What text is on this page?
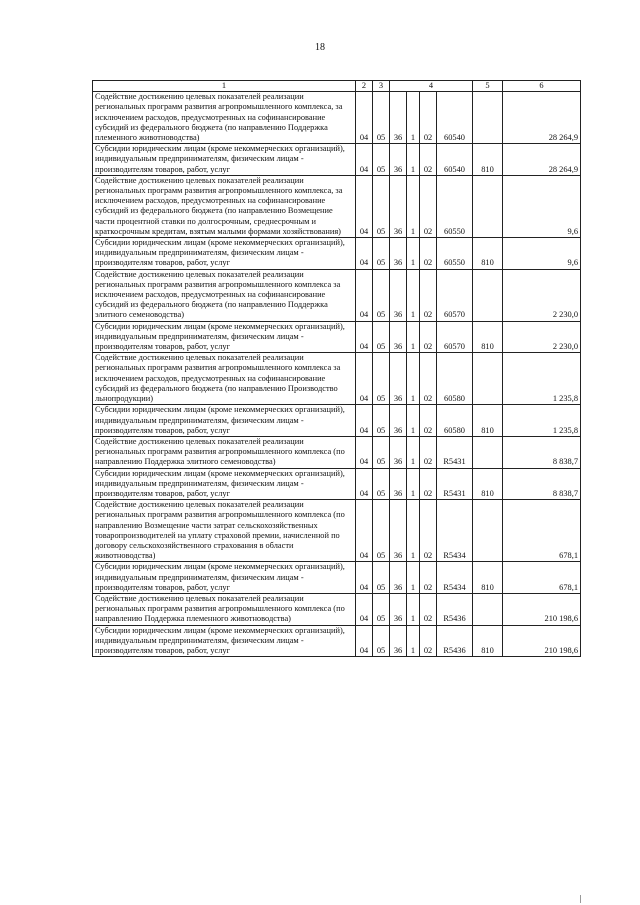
18
1	2	3	4				5	6
Содействие достижению целевых показателей реализации региональных программ развития агропромышленного комплекса, за исключением расходов, предусмотренных на софинансирование субсидий из федерального бюджета (по направлению Поддержка племенного животноводства)	04	05	36	1	02	60540		28 264,9
Субсидии юридическим лицам (кроме некоммерческих организаций), индивидуальным предпринимателям, физическим лицам - производителям товаров, работ, услуг	04	05	36	1	02	60540	810	28 264,9
Содействие достижению целевых показателей реализации региональных программ развития агропромышленного комплекса, за исключением расходов, предусмотренных на софинансирование субсидий из федерального бюджета (по направлению Возмещение части процентной ставки по долгосрочным, среднесрочным и краткосрочным кредитам, взятым малыми формами хозяйствования)	04	05	36	1	02	60550		9,6
Субсидии юридическим лицам (кроме некоммерческих организаций), индивидуальным предпринимателям, физическим лицам - производителям товаров, работ, услуг	04	05	36	1	02	60550	810	9,6
Содействие достижению целевых показателей реализации региональных программ развития агропромышленного комплекса за исключением расходов, предусмотренных на софинансирование субсидий из федерального бюджета (по направлению Поддержка элитного семеноводства)	04	05	36	1	02	60570		2 230,0
Субсидии юридическим лицам (кроме некоммерческих организаций), индивидуальным предпринимателям, физическим лицам - производителям товаров, работ, услуг	04	05	36	1	02	60570	810	2 230,0
Содействие достижению целевых показателей реализации региональных программ развития агропромышленного комплекса за исключением расходов, предусмотренных на софинансирование субсидий из федерального бюджета (по направлению Производство льнопродукции)	04	05	36	1	02	60580		1 235,8
Субсидии юридическим лицам (кроме некоммерческих организаций), индивидуальным предпринимателям, физическим лицам - производителям товаров, работ, услуг	04	05	36	1	02	60580	810	1 235,8
Содействие достижению целевых показателей реализации региональных программ развития агропромышленного комплекса (по направлению Поддержка элитного семеноводства)	04	05	36	1	02	R5431		8 838,7
Субсидии юридическим лицам (кроме некоммерческих организаций), индивидуальным предпринимателям, физическим лицам - производителям товаров, работ, услуг	04	05	36	1	02	R5431	810	8 838,7
Содействие достижению целевых показателей реализации региональных программ развития агропромышленного комплекса (по направлению Возмещение части затрат сельскохозяйственных товаропроизводителей на уплату страховой премии, начисленной по договору сельскохозяйственного страхования в области животноводства)	04	05	36	1	02	R5434		678,1
Субсидии юридическим лицам (кроме некоммерческих организаций), индивидуальным предпринимателям, физическим лицам - производителям товаров, работ, услуг	04	05	36	1	02	R5434	810	678,1
Содействие достижению целевых показателей реализации региональных программ развития агропромышленного комплекса (по направлению Поддержка племенного животноводства)	04	05	36	1	02	R5436		210 198,6
Субсидии юридическим лицам (кроме некоммерческих организаций), индивидуальным предпринимателям, физическим лицам - производителям товаров, работ, услуг	04	05	36	1	02	R5436	810	210 198,6
